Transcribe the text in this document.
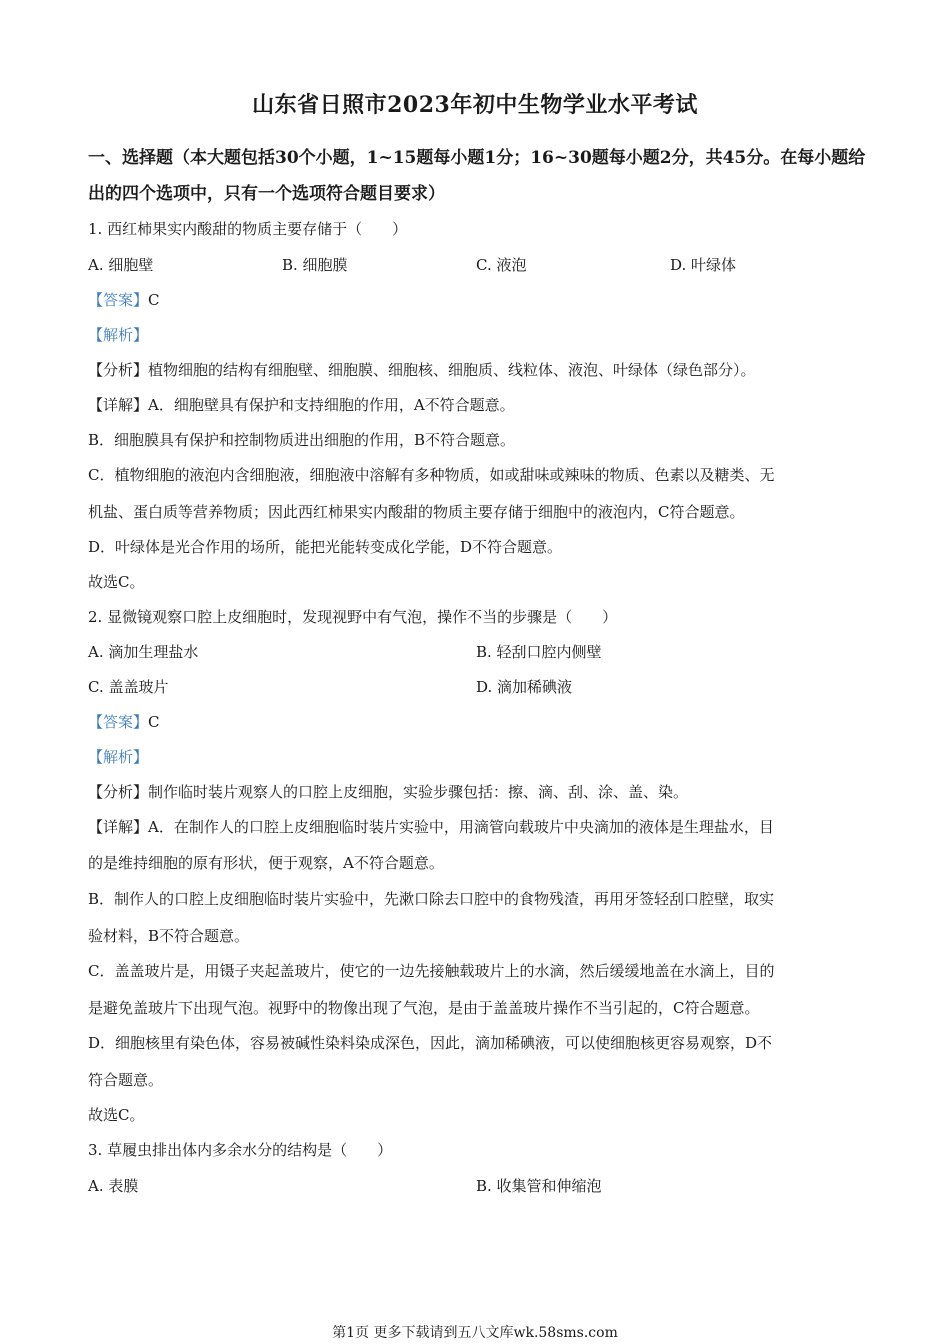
山东省日照市2023年初中生物学业水平考试
一、选择题（本大题包括30个小题，1~15题每小题1分；16~30题每小题2分，共45分。在每小题给出的四个选项中，只有一个选项符合题目要求）
1. 西红柿果实内酸甜的物质主要存储于（　　）
A. 细胞壁	B. 细胞膜	C. 液泡	D. 叶绿体
【答案】C
【解析】
【分析】植物细胞的结构有细胞壁、细胞膜、细胞核、细胞质、线粒体、液泡、叶绿体（绿色部分）。
【详解】A．细胞壁具有保护和支持细胞的作用，A不符合题意。
B．细胞膜具有保护和控制物质进出细胞的作用，B不符合题意。
C．植物细胞的液泡内含细胞液，细胞液中溶解有多种物质，如或甜味或辣味的物质、色素以及糖类、无
机盐、蛋白质等营养物质；因此西红柿果实内酸甜的物质主要存储于细胞中的液泡内，C符合题意。
D．叶绿体是光合作用的场所，能把光能转变成化学能，D不符合题意。
故选C。
2. 显微镜观察口腔上皮细胞时，发现视野中有气泡，操作不当的步骤是（　　）
A. 滴加生理盐水	B. 轻刮口腔内侧壁
C. 盖盖玻片	D. 滴加稀碘液
【答案】C
【解析】
【分析】制作临时装片观察人的口腔上皮细胞，实验步骤包括：擦、滴、刮、涂、盖、染。
【详解】A．在制作人的口腔上皮细胞临时装片实验中，用滴管向载玻片中央滴加的液体是生理盐水，目
的是维持细胞的原有形状，便于观察，A不符合题意。
B．制作人的口腔上皮细胞临时装片实验中，先漱口除去口腔中的食物残渣，再用牙签轻刮口腔壁，取实
验材料，B不符合题意。
C．盖盖玻片是，用镊子夹起盖玻片，使它的一边先接触载玻片上的水滴，然后缓缓地盖在水滴上，目的
是避免盖玻片下出现气泡。视野中的物像出现了气泡，是由于盖盖玻片操作不当引起的，C符合题意。
D．细胞核里有染色体，容易被碱性染料染成深色，因此，滴加稀碘液，可以使细胞核更容易观察，D不
符合题意。
故选C。
3. 草履虫排出体内多余水分的结构是（　　）
A. 表膜	B. 收集管和伸缩泡
第1页 更多下载请到五八文库wk.58sms.com
